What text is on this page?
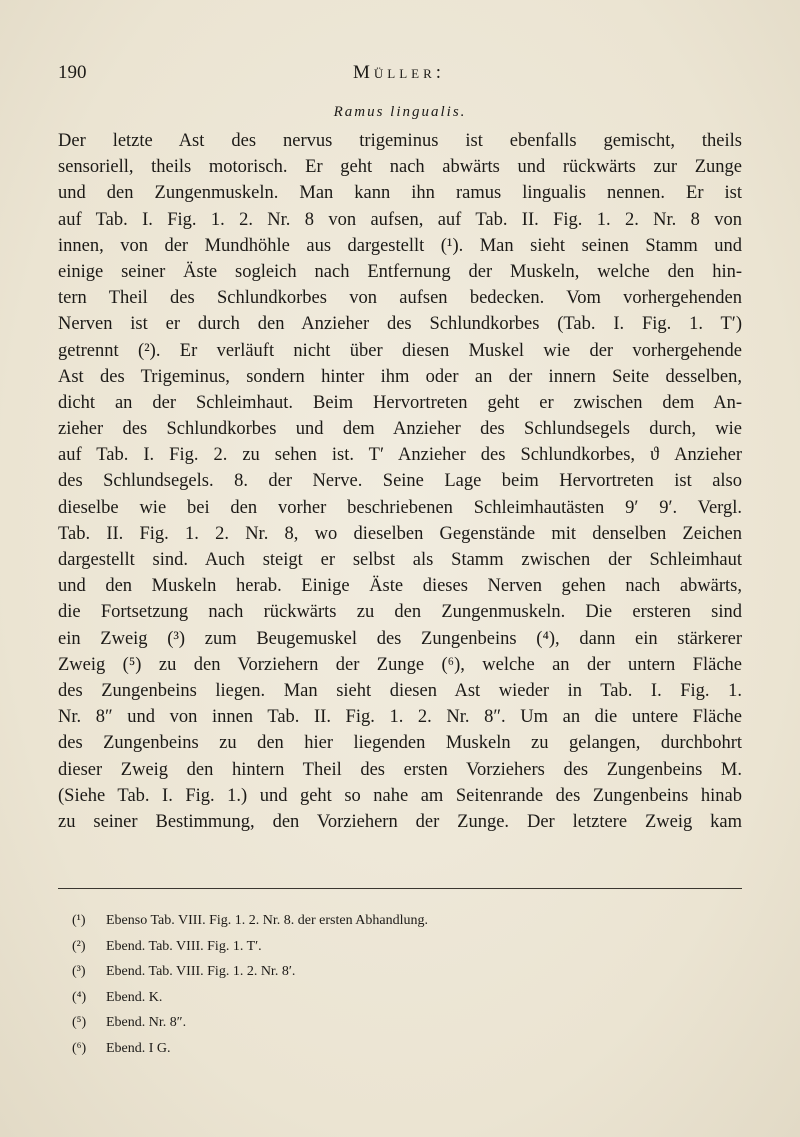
190	Müller:
Ramus lingualis.
Der letzte Ast des nervus trigeminus ist ebenfalls gemischt, theils
sensoriell, theils motorisch. Er geht nach abwärts und rückwärts zur Zunge
und den Zungenmuskeln. Man kann ihn ramus lingualis nennen. Er ist
auf Tab. I. Fig. 1. 2. Nr. 8 von aufsen, auf Tab. II. Fig. 1. 2. Nr. 8 von
innen, von der Mundhöhle aus dargestellt (¹). Man sieht seinen Stamm und
einige seiner Äste sogleich nach Entfernung der Muskeln, welche den hin-
tern Theil des Schlundkorbes von aufsen bedecken. Vom vorhergehenden
Nerven ist er durch den Anzieher des Schlundkorbes (Tab. I. Fig. 1. T′)
getrennt (²). Er verläuft nicht über diesen Muskel wie der vorhergehende
Ast des Trigeminus, sondern hinter ihm oder an der innern Seite desselben,
dicht an der Schleimhaut. Beim Hervortreten geht er zwischen dem An-
zieher des Schlundkorbes und dem Anzieher des Schlundsegels durch, wie
auf Tab. I. Fig. 2. zu sehen ist. T′ Anzieher des Schlundkorbes, ϑ Anzieher
des Schlundsegels. 8. der Nerve. Seine Lage beim Hervortreten ist also
dieselbe wie bei den vorher beschriebenen Schleimhautästen 9′ 9′. Vergl.
Tab. II. Fig. 1. 2. Nr. 8, wo dieselben Gegenstände mit denselben Zeichen
dargestellt sind. Auch steigt er selbst als Stamm zwischen der Schleimhaut
und den Muskeln herab. Einige Äste dieses Nerven gehen nach abwärts,
die Fortsetzung nach rückwärts zu den Zungenmuskeln. Die ersteren sind
ein Zweig (³) zum Beugemuskel des Zungenbeins (⁴), dann ein stärkerer
Zweig (⁵) zu den Vorziehern der Zunge (⁶), welche an der untern Fläche
des Zungenbeins liegen. Man sieht diesen Ast wieder in Tab. I. Fig. 1.
Nr. 8″ und von innen Tab. II. Fig. 1. 2. Nr. 8″. Um an die untere Fläche
des Zungenbeins zu den hier liegenden Muskeln zu gelangen, durchbohrt
dieser Zweig den hintern Theil des ersten Vorziehers des Zungenbeins M.
(Siehe Tab. I. Fig. 1.) und geht so nahe am Seitenrande des Zungenbeins hinab
zu seiner Bestimmung, den Vorziehern der Zunge. Der letztere Zweig kam
(¹) Ebenso Tab. VIII. Fig. 1. 2. Nr. 8. der ersten Abhandlung.
(²) Ebend. Tab. VIII. Fig. 1. T′.
(³) Ebend. Tab. VIII. Fig. 1. 2. Nr. 8′.
(⁴) Ebend. K.
(⁵) Ebend. Nr. 8″.
(⁶) Ebend. I G.
